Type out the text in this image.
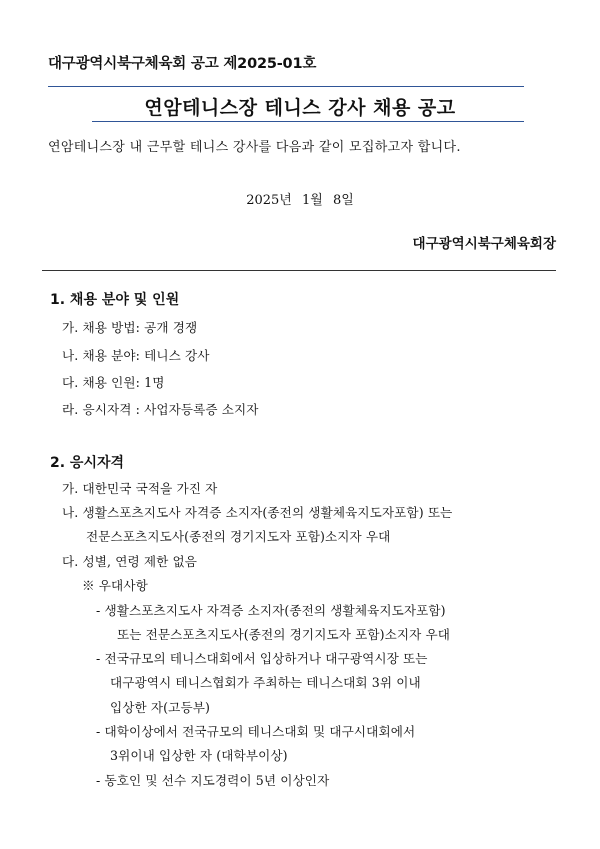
대구광역시북구체육회 공고 제2025-01호
연암테니스장 테니스 강사 채용 공고
연암테니스장 내 근무할 테니스 강사를 다음과 같이 모집하고자 합니다.
2025년 1월 8일
대구광역시북구체육회장
1. 채용 분야 및 인원
가. 채용 방법: 공개 경쟁
나. 채용 분야: 테니스 강사
다. 채용 인원: 1명
라. 응시자격 : 사업자등록증 소지자
2. 응시자격
가. 대한민국 국적을 가진 자
나. 생활스포츠지도사 자격증 소지자(종전의 생활체육지도자포함) 또는
전문스포츠지도사(종전의 경기지도자 포함)소지자 우대
다. 성별, 연령 제한 없음
※ 우대사항
- 생활스포츠지도사 자격증 소지자(종전의 생활체육지도자포함)
또는 전문스포츠지도사(종전의 경기지도자 포함)소지자 우대
- 전국규모의 테니스대회에서 입상하거나 대구광역시장 또는
대구광역시 테니스협회가 주최하는 테니스대회 3위 이내
입상한 자(고등부)
- 대학이상에서 전국규모의 테니스대회 및 대구시대회에서
3위이내 입상한 자 (대학부이상)
- 동호인 및 선수 지도경력이 5년 이상인자
